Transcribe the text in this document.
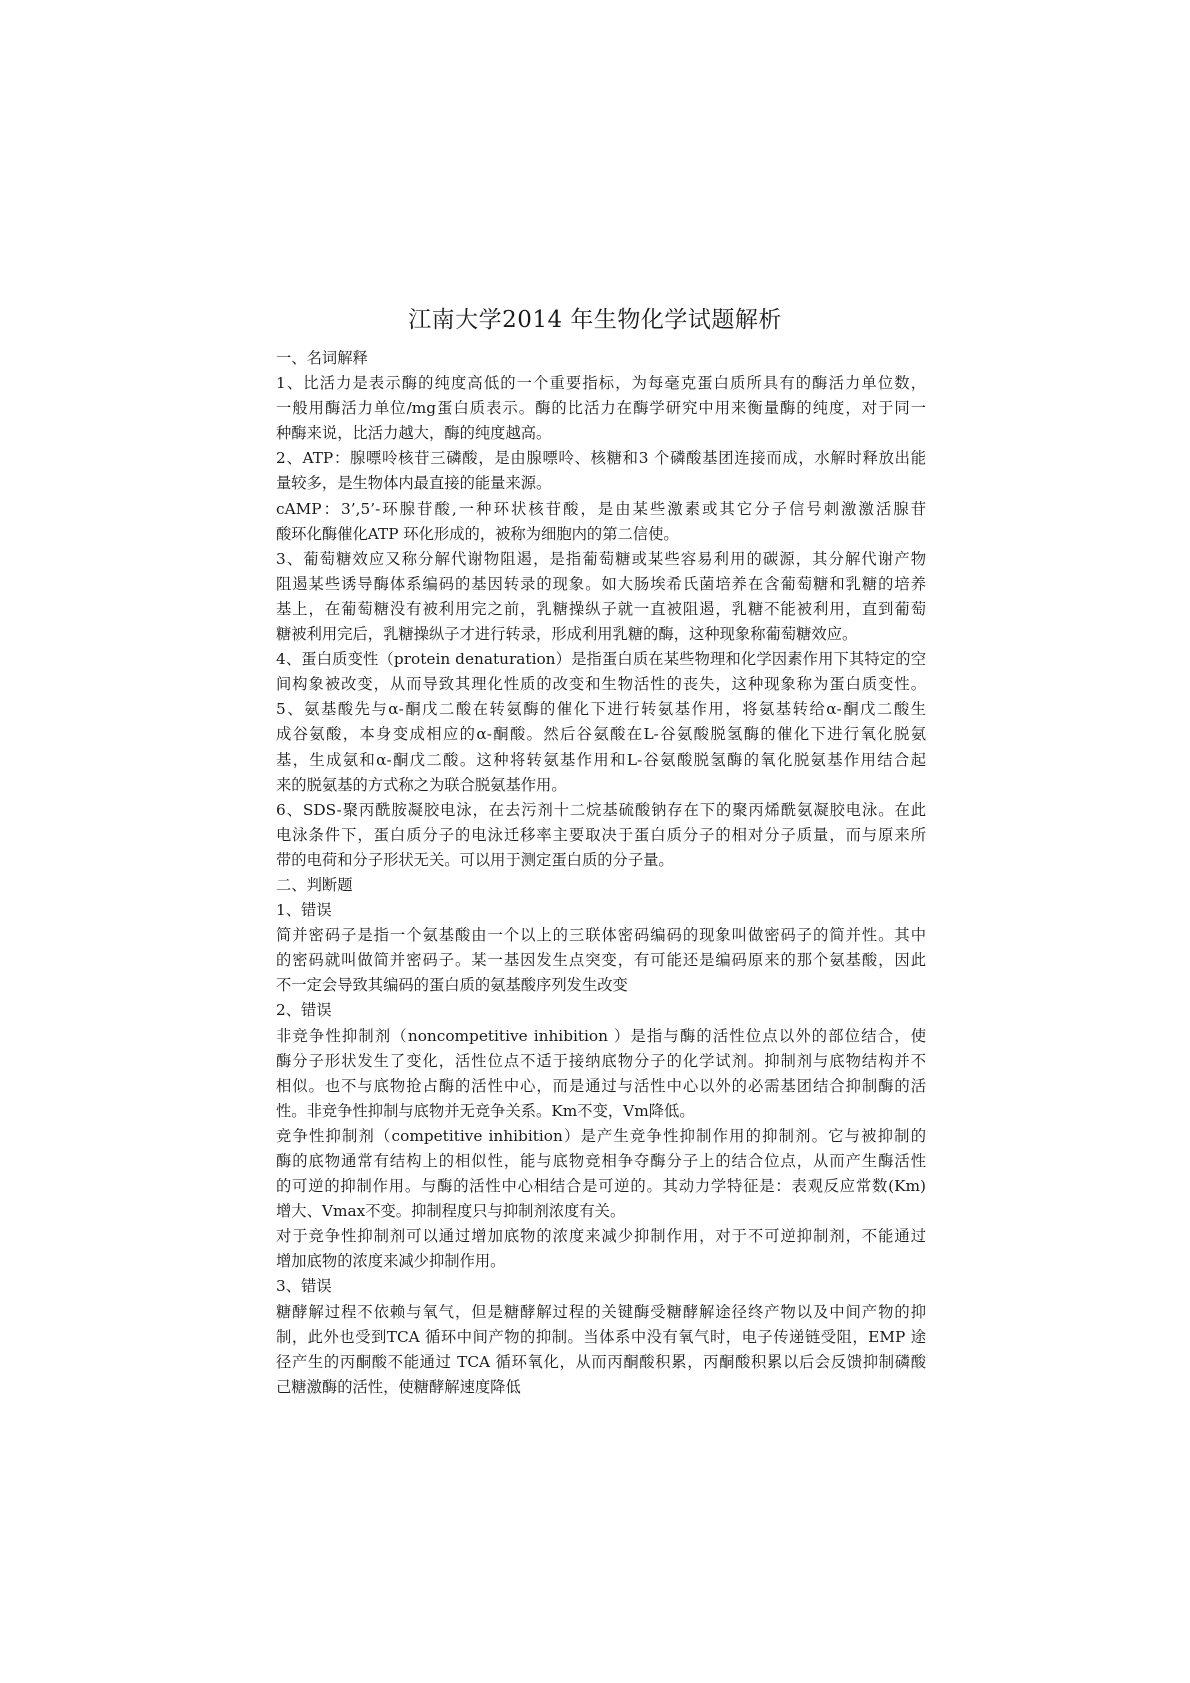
江南大学2014 年生物化学试题解析
一、名词解释
1、比活力是表示酶的纯度高低的一个重要指标，为每毫克蛋白质所具有的酶活力单位数，
一般用酶活力单位/mg蛋白质表示。酶的比活力在酶学研究中用来衡量酶的纯度，对于同一
种酶来说，比活力越大，酶的纯度越高。
2、ATP：腺嘌呤核苷三磷酸，是由腺嘌呤、核糖和3 个磷酸基团连接而成，水解时释放出能
量较多，是生物体内最直接的能量来源。
cAMP：3’,5’-环腺苷酸,一种环状核苷酸，是由某些激素或其它分子信号刺激激活腺苷
酸环化酶催化ATP 环化形成的，被称为细胞内的第二信使。
3、葡萄糖效应又称分解代谢物阻遏，是指葡萄糖或某些容易利用的碳源，其分解代谢产物
阻遏某些诱导酶体系编码的基因转录的现象。如大肠埃希氏菌培养在含葡萄糖和乳糖的培养
基上，在葡萄糖没有被利用完之前，乳糖操纵子就一直被阻遏，乳糖不能被利用，直到葡萄
糖被利用完后，乳糖操纵子才进行转录，形成利用乳糖的酶，这种现象称葡萄糖效应。
4、蛋白质变性（protein denaturation）是指蛋白质在某些物理和化学因素作用下其特定的空
间构象被改变，从而导致其理化性质的改变和生物活性的丧失，这种现象称为蛋白质变性。
5、氨基酸先与α-酮戊二酸在转氨酶的催化下进行转氨基作用，将氨基转给α-酮戊二酸生
成谷氨酸，本身变成相应的α-酮酸。然后谷氨酸在L-谷氨酸脱氢酶的催化下进行氧化脱氨
基，生成氨和α-酮戊二酸。这种将转氨基作用和L-谷氨酸脱氢酶的氧化脱氨基作用结合起
来的脱氨基的方式称之为联合脱氨基作用。
6、SDS-聚丙酰胺凝胶电泳，在去污剂十二烷基硫酸钠存在下的聚丙烯酰氨凝胶电泳。在此
电泳条件下，蛋白质分子的电泳迁移率主要取决于蛋白质分子的相对分子质量，而与原来所
带的电荷和分子形状无关。可以用于测定蛋白质的分子量。
二、判断题
1、错误
简并密码子是指一个氨基酸由一个以上的三联体密码编码的现象叫做密码子的简并性。其中
的密码就叫做简并密码子。某一基因发生点突变，有可能还是编码原来的那个氨基酸，因此
不一定会导致其编码的蛋白质的氨基酸序列发生改变
2、错误
非竞争性抑制剂（noncompetitive inhibition ）是指与酶的活性位点以外的部位结合，使
酶分子形状发生了变化，活性位点不适于接纳底物分子的化学试剂。抑制剂与底物结构并不
相似。也不与底物抢占酶的活性中心，而是通过与活性中心以外的必需基团结合抑制酶的活
性。非竞争性抑制与底物并无竞争关系。Km不变，Vm降低。
竞争性抑制剂（competitive inhibition）是产生竞争性抑制作用的抑制剂。它与被抑制的
酶的底物通常有结构上的相似性，能与底物竞相争夺酶分子上的结合位点，从而产生酶活性
的可逆的抑制作用。与酶的活性中心相结合是可逆的。其动力学特征是：表观反应常数(Km)
增大、Vmax不变。抑制程度只与抑制剂浓度有关。
对于竞争性抑制剂可以通过增加底物的浓度来减少抑制作用，对于不可逆抑制剂，不能通过
增加底物的浓度来减少抑制作用。
3、错误
糖酵解过程不依赖与氧气，但是糖酵解过程的关键酶受糖酵解途径终产物以及中间产物的抑
制，此外也受到TCA 循环中间产物的抑制。当体系中没有氧气时，电子传递链受阻，EMP 途
径产生的丙酮酸不能通过 TCA 循环氧化，从而丙酮酸积累，丙酮酸积累以后会反馈抑制磷酸
己糖激酶的活性，使糖酵解速度降低
